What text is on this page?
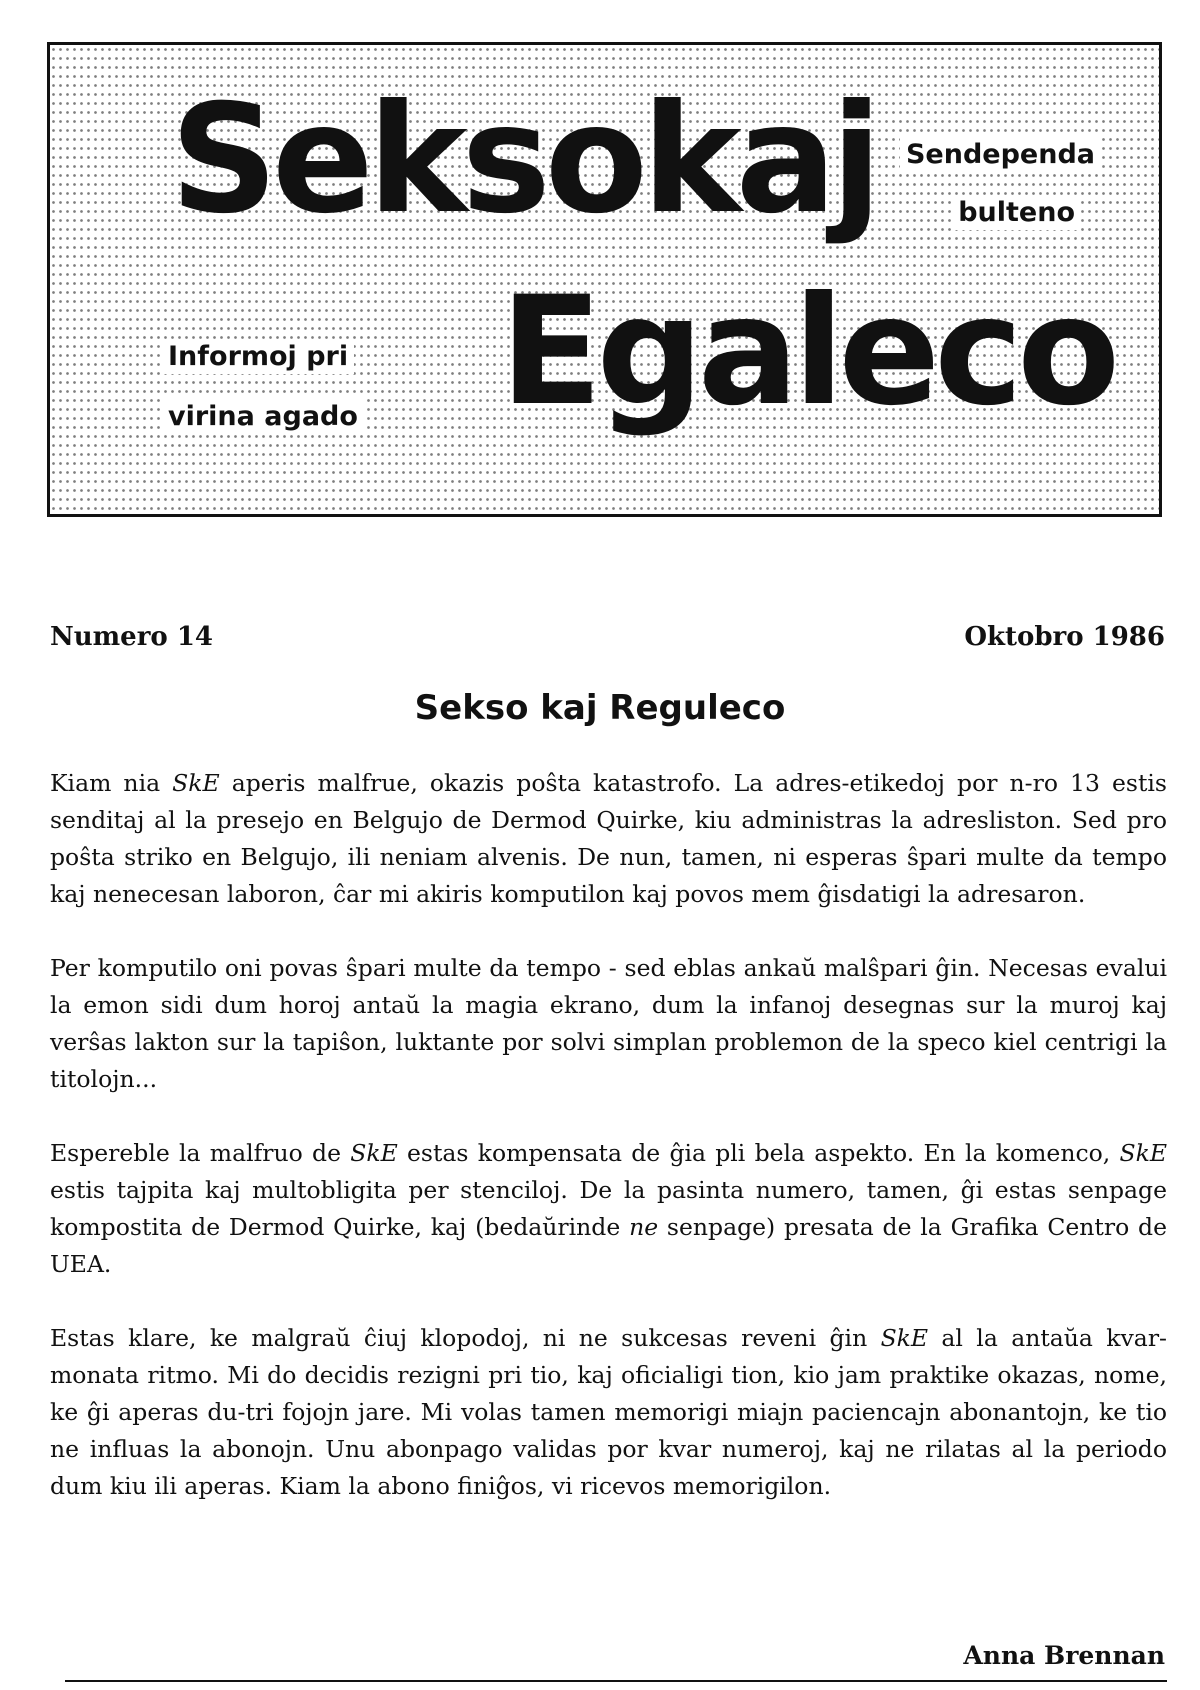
Seksokaj
Egaleco
Sendependa
bulteno
Informoj pri
virina agado
Numero 14	Oktobro 1986
Sekso kaj Reguleco

Kiam nia SkE aperis malfrue, okazis poŝta katastrofo. La adres-etikedoj por n-ro 13 estis senditaj al la presejo en Belgujo de Dermod Quirke, kiu administras la adresliston. Sed pro poŝta striko en Belgujo, ili neniam alvenis. De nun, tamen, ni esperas ŝpari multe da tempo kaj nenecesan laboron, ĉar mi akiris komputilon kaj povos mem ĝisdatigi la adresaron.

Per komputilo oni povas ŝpari multe da tempo - sed eblas ankaŭ malŝpari ĝin. Necesas evalui la emon sidi dum horoj antaŭ la magia ekrano, dum la infanoj desegnas sur la muroj kaj verŝas lakton sur la tapiŝon, luktante por solvi simplan problemon de la speco kiel centrigi la titolojn...

Espereble la malfruo de SkE estas kompensata de ĝia pli bela aspekto. En la komenco, SkE estis tajpita kaj multobligita per stenciloj. De la pasinta numero, tamen, ĝi estas senpage kompostita de Dermod Quirke, kaj (bedaŭrinde ne senpage) presata de la Grafika Centro de UEA.

Estas klare, ke malgraŭ ĉiuj klopodoj, ni ne sukcesas reveni ĝin SkE al la antaŭa kvar-monata ritmo. Mi do decidis rezigni pri tio, kaj oficialigi tion, kio jam praktike okazas, nome, ke ĝi aperas du-tri fojojn jare. Mi volas tamen memorigi miajn paciencajn abonantojn, ke tio ne influas la abonojn. Unu abonpago validas por kvar numeroj, kaj ne rilatas al la periodo dum kiu ili aperas. Kiam la abono finiĝos, vi ricevos memorigilon.

Anna Brennan
